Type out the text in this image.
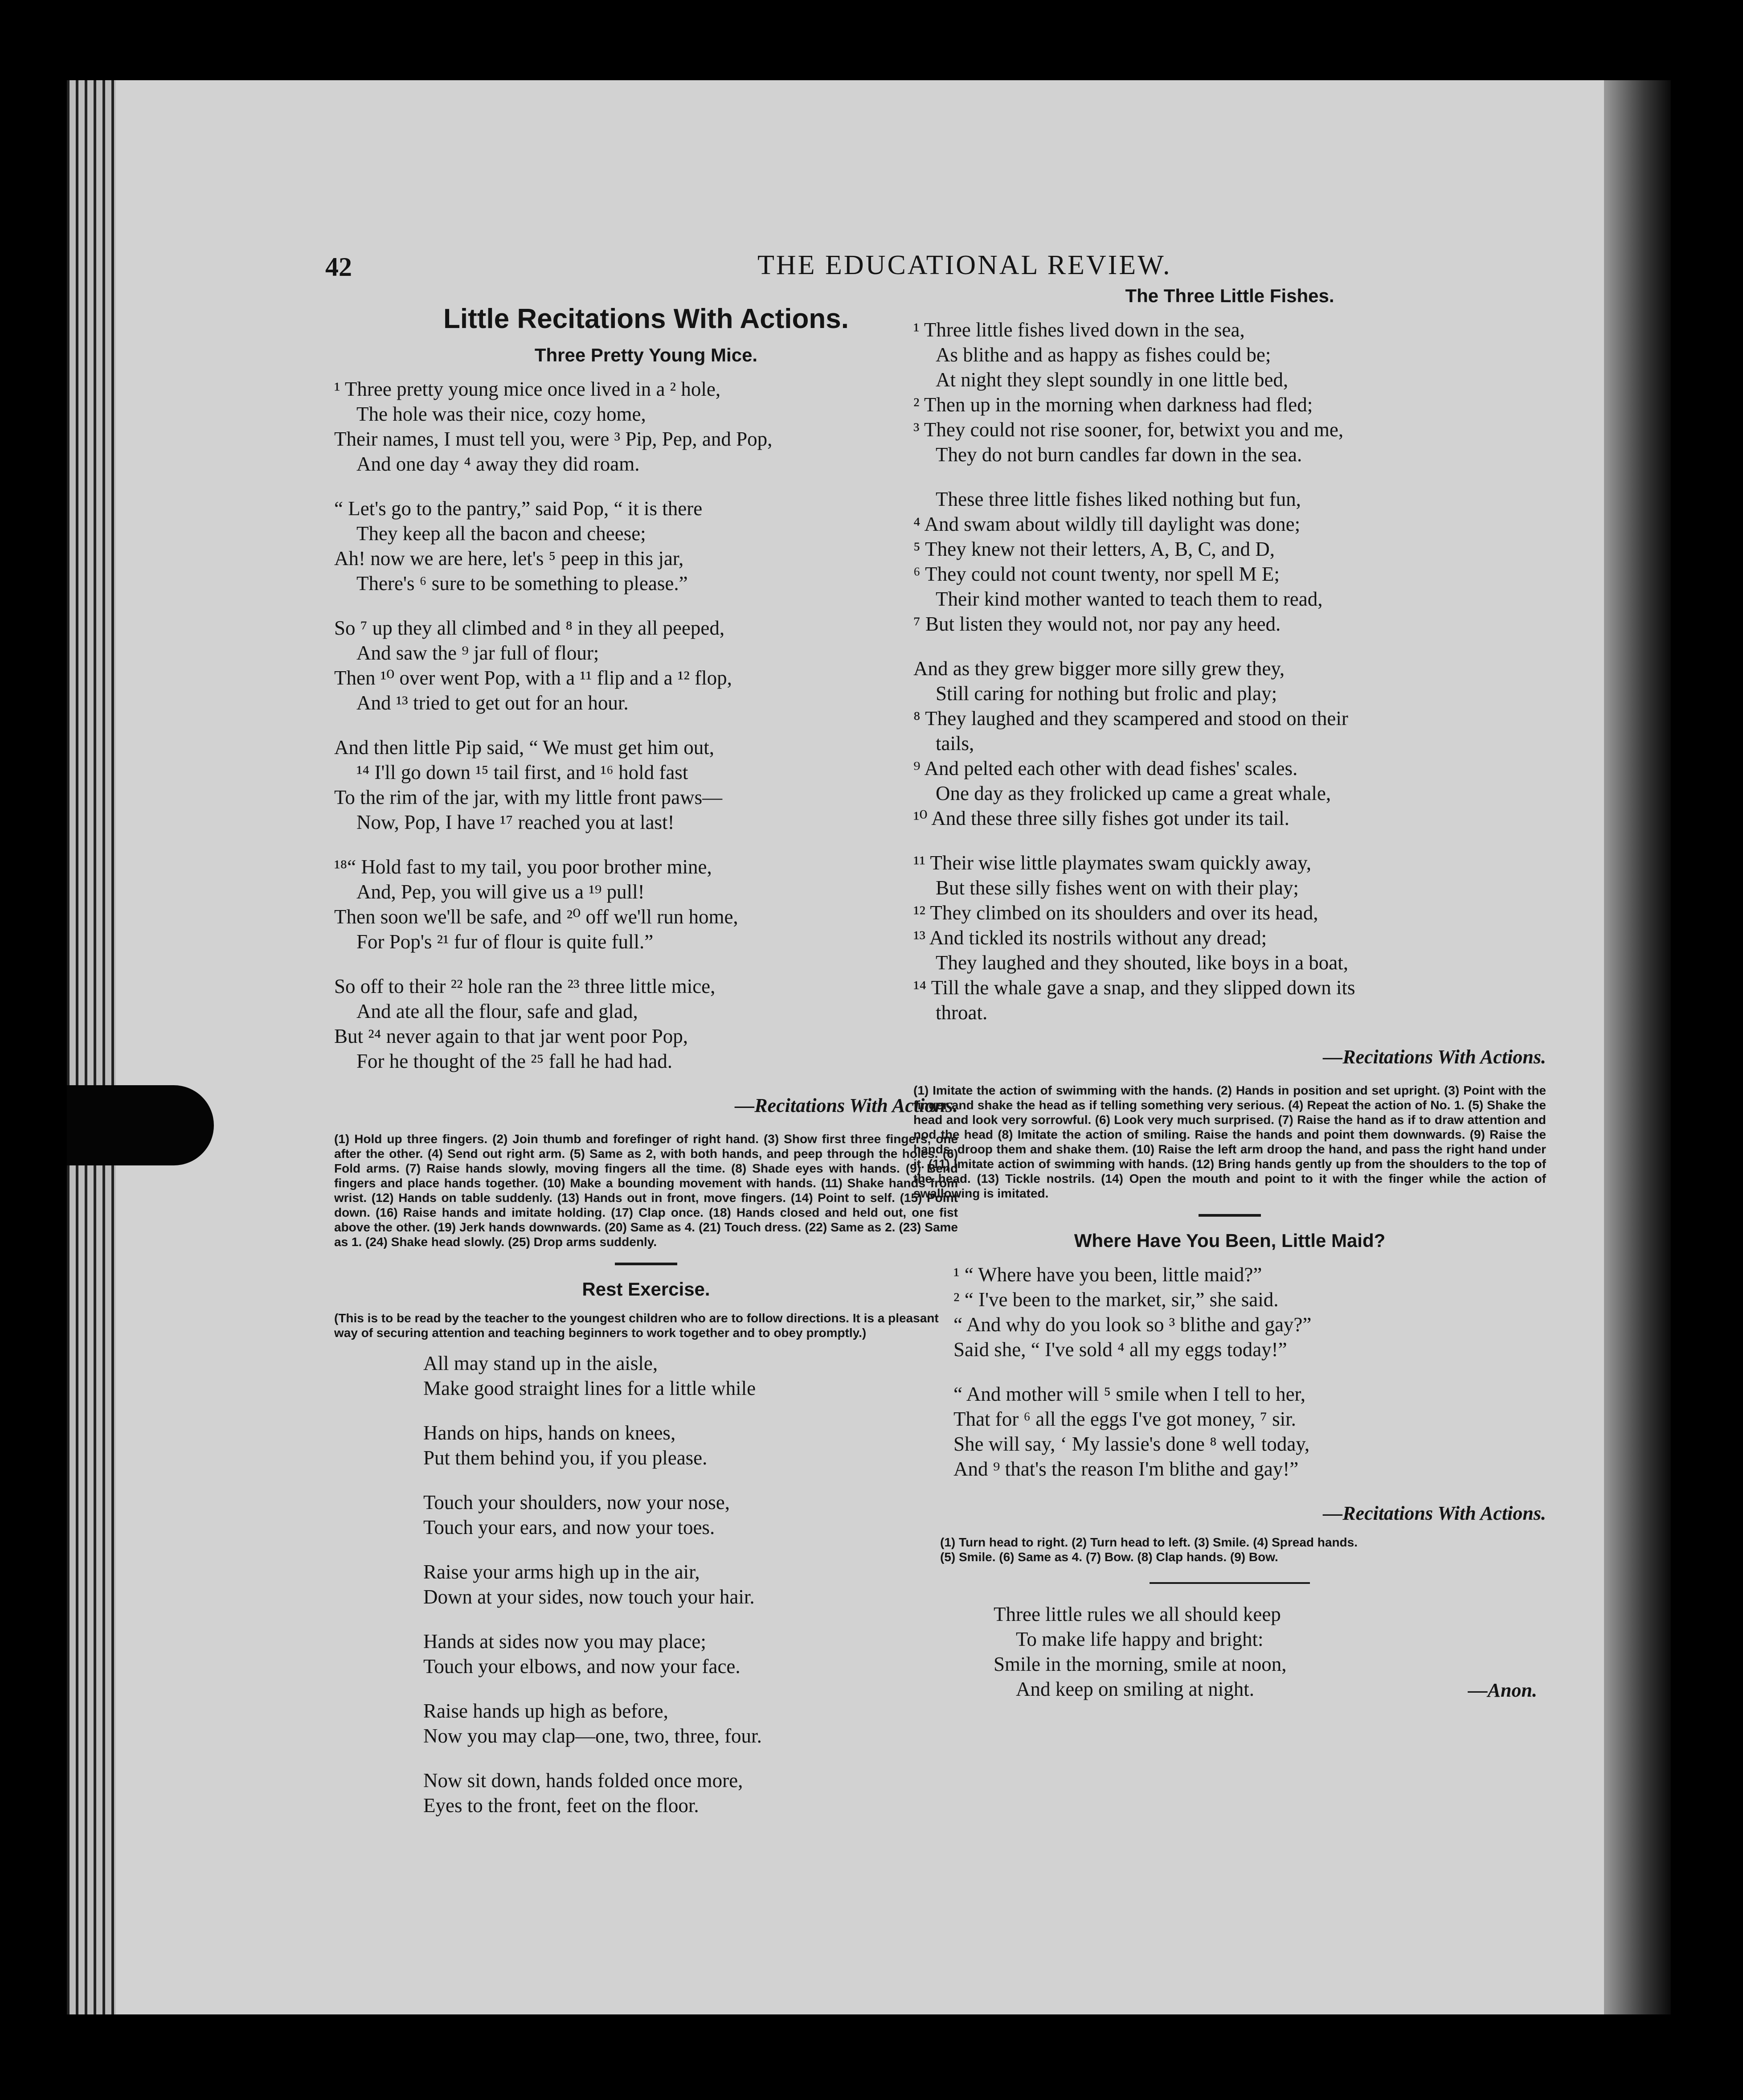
42	THE EDUCATIONAL REVIEW.
Little Recitations With Actions.
Three Pretty Young Mice.
¹ Three pretty young mice once lived in a ² hole,
The hole was their nice, cozy home,
Their names, I must tell you, were ³ Pip, Pep, and Pop,
And one day ⁴ away they did roam.
“ Let's go to the pantry,” said Pop, “ it is there
They keep all the bacon and cheese;
Ah! now we are here, let's ⁵ peep in this jar,
There's ⁶ sure to be something to please.”
So ⁷ up they all climbed and ⁸ in they all peeped,
And saw the ⁹ jar full of flour;
Then ¹⁰ over went Pop, with a ¹¹ flip and a ¹² flop,
And ¹³ tried to get out for an hour.
And then little Pip said, “ We must get him out,
¹⁴ I'll go down ¹⁵ tail first, and ¹⁶ hold fast
To the rim of the jar, with my little front paws—
Now, Pop, I have ¹⁷ reached you at last!
¹⁸“ Hold fast to my tail, you poor brother mine,
And, Pep, you will give us a ¹⁹ pull!
Then soon we'll be safe, and ²⁰ off we'll run home,
For Pop's ²¹ fur of flour is quite full.”
So off to their ²² hole ran the ²³ three little mice,
And ate all the flour, safe and glad,
But ²⁴ never again to that jar went poor Pop,
For he thought of the ²⁵ fall he had had.
—Recitations With Actions.
(1) Hold up three fingers. (2) Join thumb and forefinger of right hand. (3) Show first three fingers, one after the other. (4) Send out right arm. (5) Same as 2, with both hands, and peep through the holes. (6) Fold arms. (7) Raise hands slowly, moving fingers all the time. (8) Shade eyes with hands. (9) Bend fingers and place hands together. (10) Make a bounding movement with hands. (11) Shake hands from wrist. (12) Hands on table suddenly. (13) Hands out in front, move fingers. (14) Point to self. (15) Point down. (16) Raise hands and imitate holding. (17) Clap once. (18) Hands closed and held out, one fist above the other. (19) Jerk hands downwards. (20) Same as 4. (21) Touch dress. (22) Same as 2. (23) Same as 1. (24) Shake head slowly. (25) Drop arms suddenly.
Rest Exercise.
(This is to be read by the teacher to the youngest children who are to follow directions. It is a pleasant way of securing attention and teaching beginners to work together and to obey promptly.)
All may stand up in the aisle,
Make good straight lines for a little while
Hands on hips, hands on knees,
Put them behind you, if you please.
Touch your shoulders, now your nose,
Touch your ears, and now your toes.
Raise your arms high up in the air,
Down at your sides, now touch your hair.
Hands at sides now you may place;
Touch your elbows, and now your face.
Raise hands up high as before,
Now you may clap—one, two, three, four.
Now sit down, hands folded once more,
Eyes to the front, feet on the floor.
The Three Little Fishes.
¹ Three little fishes lived down in the sea,
As blithe and as happy as fishes could be;
At night they slept soundly in one little bed,
² Then up in the morning when darkness had fled;
³ They could not rise sooner, for, betwixt you and me,
They do not burn candles far down in the sea.
These three little fishes liked nothing but fun,
⁴ And swam about wildly till daylight was done;
⁵ They knew not their letters, A, B, C, and D,
⁶ They could not count twenty, nor spell M E;
Their kind mother wanted to teach them to read,
⁷ But listen they would not, nor pay any heed.
And as they grew bigger more silly grew they,
Still caring for nothing but frolic and play;
⁸ They laughed and they scampered and stood on their
tails,
⁹ And pelted each other with dead fishes' scales.
One day as they frolicked up came a great whale,
¹⁰ And these three silly fishes got under its tail.
¹¹ Their wise little playmates swam quickly away,
But these silly fishes went on with their play;
¹² They climbed on its shoulders and over its head,
¹³ And tickled its nostrils without any dread;
They laughed and they shouted, like boys in a boat,
¹⁴ Till the whale gave a snap, and they slipped down its
throat.
—Recitations With Actions.
(1) Imitate the action of swimming with the hands. (2) Hands in position and set upright. (3) Point with the finger and shake the head as if telling something very serious. (4) Repeat the action of No. 1. (5) Shake the head and look very sorrowful. (6) Look very much surprised. (7) Raise the hand as if to draw attention and nod the head (8) Imitate the action of smiling. Raise the hands and point them downwards. (9) Raise the hands, droop them and shake them. (10) Raise the left arm droop the hand, and pass the right hand under it. (11) Imitate action of swimming with hands. (12) Bring hands gently up from the shoulders to the top of the head. (13) Tickle nostrils. (14) Open the mouth and point to it with the finger while the action of swallowing is imitated.
Where Have You Been, Little Maid?
¹ “ Where have you been, little maid?”
² “ I've been to the market, sir,” she said.
“ And why do you look so ³ blithe and gay?”
Said she, “ I've sold ⁴ all my eggs today!”
“ And mother will ⁵ smile when I tell to her,
That for ⁶ all the eggs I've got money, ⁷ sir.
She will say, ‘ My lassie's done ⁸ well today,
And ⁹ that's the reason I'm blithe and gay!”
—Recitations With Actions.
(1) Turn head to right. (2) Turn head to left. (3) Smile. (4) Spread hands.
(5) Smile. (6) Same as 4. (7) Bow. (8) Clap hands. (9) Bow.
Three little rules we all should keep
To make life happy and bright:
Smile in the morning, smile at noon,
And keep on smiling at night.	—Anon.
